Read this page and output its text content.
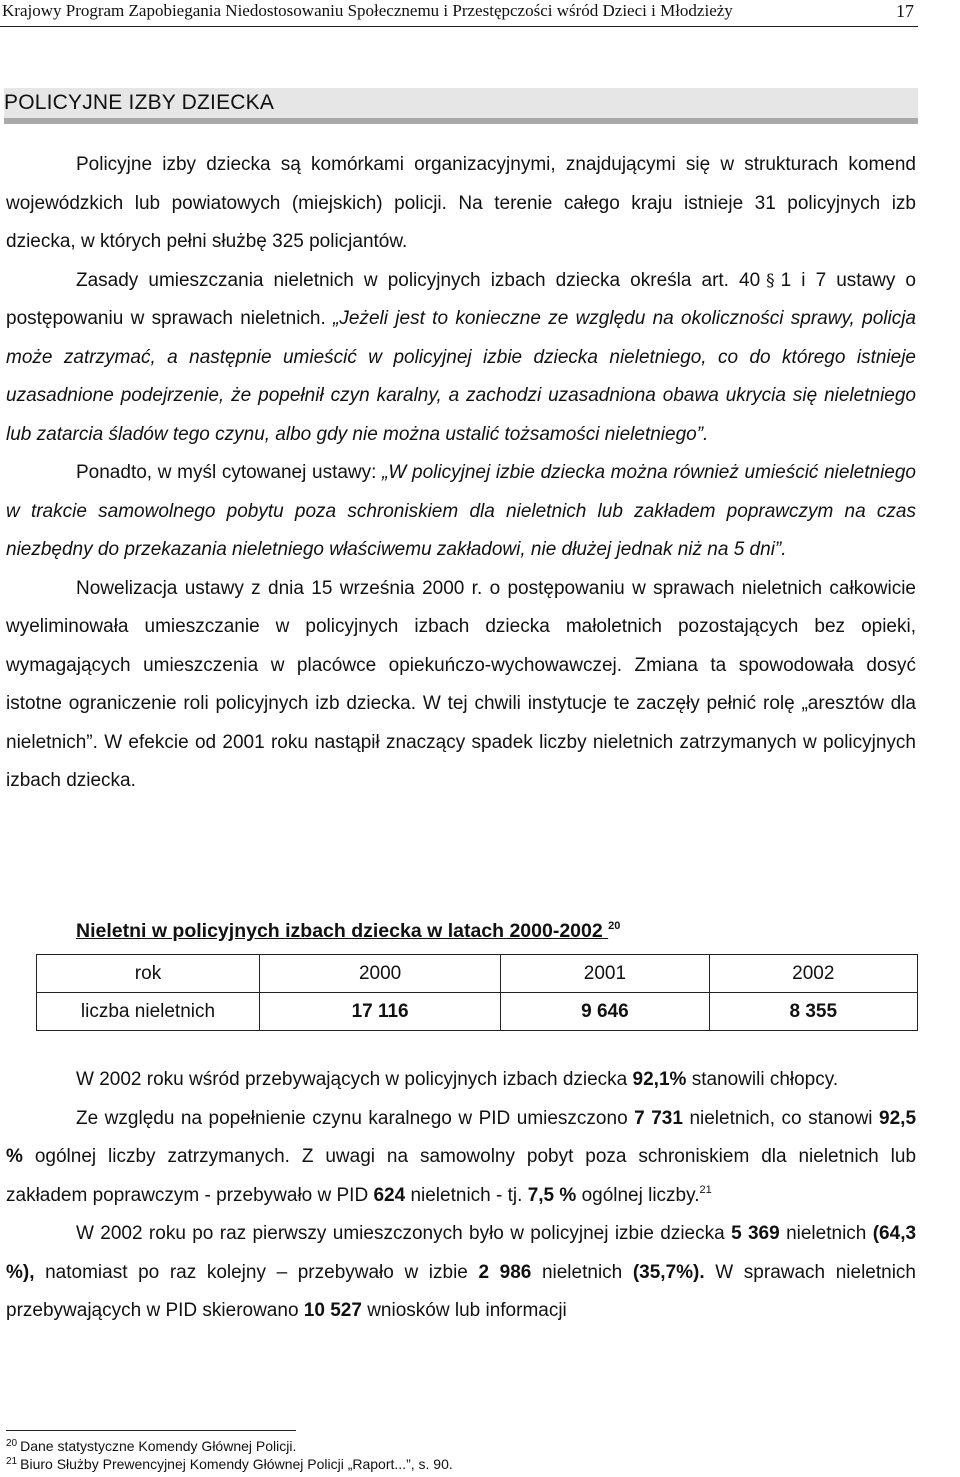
Krajowy Program Zapobiegania Niedostosowaniu Społecznemu i Przestępczości wśród Dzieci i Młodzieży	17
POLICYJNE IZBY DZIECKA

Policyjne izby dziecka są komórkami organizacyjnymi, znajdującymi się w strukturach komend wojewódzkich lub powiatowych (miejskich) policji. Na terenie całego kraju istnieje 31 policyjnych izb dziecka, w których pełni służbę 325 policjantów.

Zasady umieszczania nieletnich w policyjnych izbach dziecka określa art. 40 § 1 i 7 ustawy o postępowaniu w sprawach nieletnich. „Jeżeli jest to konieczne ze względu na okoliczności sprawy, policja może zatrzymać, a następnie umieścić w policyjnej izbie dziecka nieletniego, co do którego istnieje uzasadnione podejrzenie, że popełnił czyn karalny, a zachodzi uzasadniona obawa ukrycia się nieletniego lub zatarcia śladów tego czynu, albo gdy nie można ustalić tożsamości nieletniego”.

Ponadto, w myśl cytowanej ustawy: „W policyjnej izbie dziecka można również umieścić nieletniego w trakcie samowolnego pobytu poza schroniskiem dla nieletnich lub zakładem poprawczym na czas niezbędny do przekazania nieletniego właściwemu zakładowi, nie dłużej jednak niż na 5 dni”.

Nowelizacja ustawy z dnia 15 września 2000 r. o postępowaniu w sprawach nieletnich całkowicie wyeliminowała umieszczanie w policyjnych izbach dziecka małoletnich pozostających bez opieki, wymagających umieszczenia w placówce opiekuńczo-wychowawczej. Zmiana ta spowodowała dosyć istotne ograniczenie roli policyjnych izb dziecka. W tej chwili instytucje te zaczęły pełnić rolę „aresztów dla nieletnich”. W efekcie od 2001 roku nastąpił znaczący spadek liczby nieletnich zatrzymanych w policyjnych izbach dziecka.

Nieletni w policyjnych izbach dziecka w latach 2000-2002 $^{20}$
rok	2000	2001	2002
liczba nieletnich	17 116	9 646	8 355

W 2002 roku wśród przebywających w policyjnych izbach dziecka 92,1% stanowili chłopcy.

Ze względu na popełnienie czynu karalnego w PID umieszczono 7 731 nieletnich, co stanowi 92,5 % ogólnej liczby zatrzymanych. Z uwagi na samowolny pobyt poza schroniskiem dla nieletnich lub zakładem poprawczym - przebywało w PID 624 nieletnich - tj. 7,5 % ogólnej liczby.$^{21}$

W 2002 roku po raz pierwszy umieszczonych było w policyjnej izbie dziecka 5 369 nieletnich (64,3 %), natomiast po raz kolejny – przebywało w izbie 2 986 nieletnich (35,7%). W sprawach nieletnich przebywających w PID skierowano 10 527 wniosków lub informacji

$^{20}$ Dane statystyczne Komendy Głównej Policji.
$^{21}$ Biuro Służby Prewencyjnej Komendy Głównej Policji „Raport...”, s. 90.
